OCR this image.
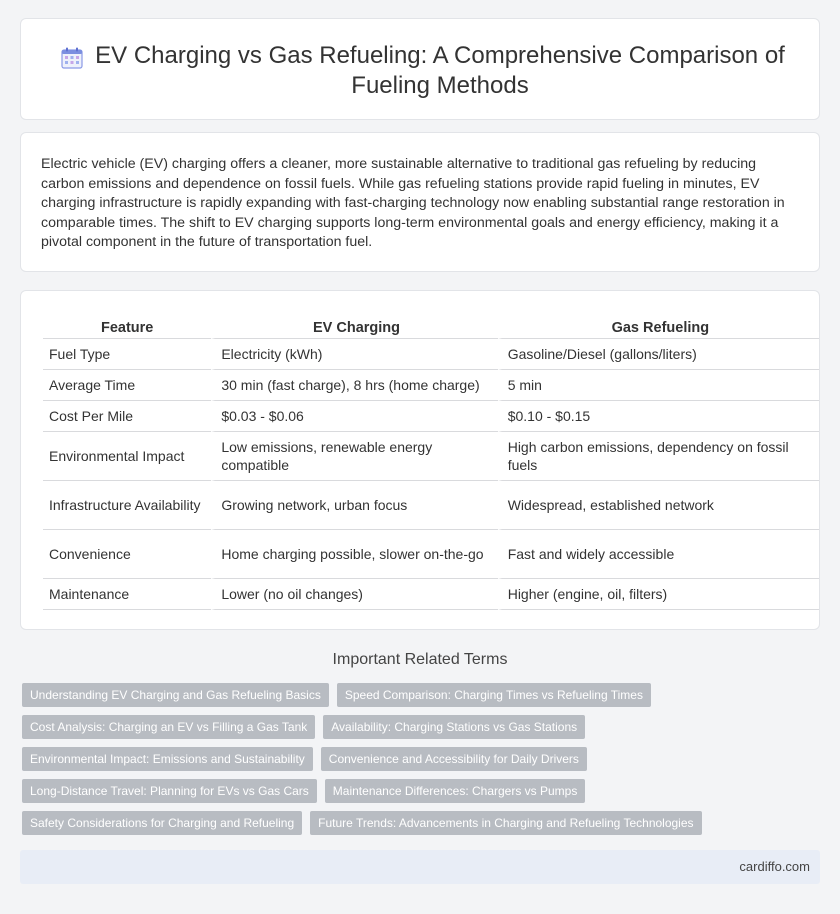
EV Charging vs Gas Refueling: A Comprehensive Comparison of Fueling Methods

Electric vehicle (EV) charging offers a cleaner, more sustainable alternative to traditional gas refueling by reducing carbon emissions and dependence on fossil fuels. While gas refueling stations provide rapid fueling in minutes, EV charging infrastructure is rapidly expanding with fast-charging technology now enabling substantial range restoration in comparable times. The shift to EV charging supports long-term environmental goals and energy efficiency, making it a pivotal component in the future of transportation fuel.

Feature	EV Charging	Gas Refueling
Fuel Type	Electricity (kWh)	Gasoline/Diesel (gallons/liters)
Average Time	30 min (fast charge), 8 hrs (home charge)	5 min
Cost Per Mile	$0.03 - $0.06	$0.10 - $0.15
Environmental Impact	Low emissions, renewable energy compatible	High carbon emissions, dependency on fossil fuels
Infrastructure Availability	Growing network, urban focus	Widespread, established network
Convenience	Home charging possible, slower on-the-go	Fast and widely accessible
Maintenance	Lower (no oil changes)	Higher (engine, oil, filters)
Important Related Terms
Understanding EV Charging and Gas Refueling Basics	Speed Comparison: Charging Times vs Refueling Times
Cost Analysis: Charging an EV vs Filling a Gas Tank	Availability: Charging Stations vs Gas Stations
Environmental Impact: Emissions and Sustainability	Convenience and Accessibility for Daily Drivers
Long-Distance Travel: Planning for EVs vs Gas Cars	Maintenance Differences: Chargers vs Pumps
Safety Considerations for Charging and Refueling	Future Trends: Advancements in Charging and Refueling Technologies
cardiffo.com
